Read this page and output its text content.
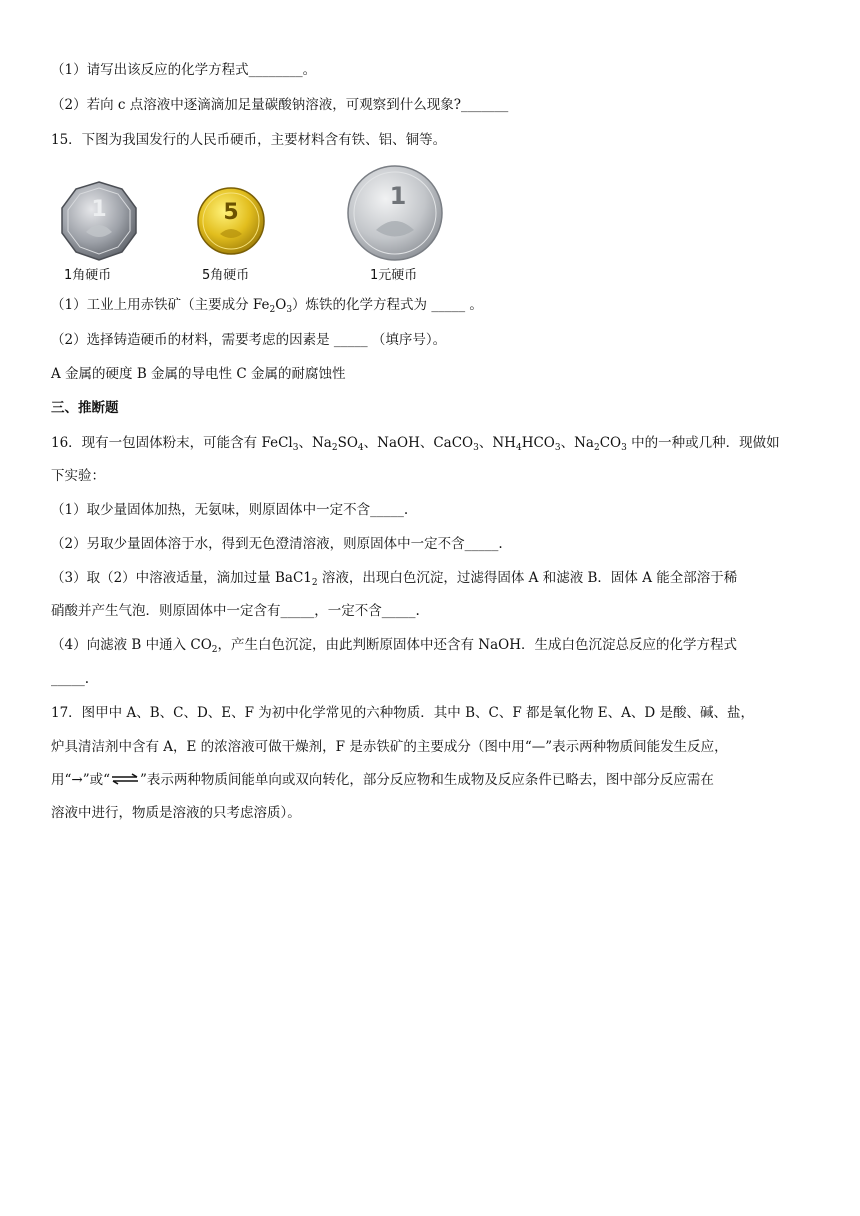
（1）请写出该反应的化学方程式________。
（2）若向 c 点溶液中逐滴滴加足量碳酸钠溶液，可观察到什么现象?_______
15．下图为我国发行的人民币硬币，主要材料含有铁、铝、铜等。
1
1角硬币
5
5角硬币
1
1元硬币
（1）工业上用赤铁矿（主要成分 $Fe_2O_3$）炼铁的化学方程式为 _____ 。
（2）选择铸造硬币的材料，需要考虑的因素是 _____ （填序号）。
A 金属的硬度 B 金属的导电性 C 金属的耐腐蚀性
三、推断题
16．现有一包固体粉末，可能含有 FeCl$_3$、$Na_2SO_4$、NaOH、CaCO$_3$、$NH_4HCO_3$、$Na_2CO_3$ 中的一种或几种．现做如
下实验：
（1）取少量固体加热，无氨味，则原固体中一定不含_____.
（2）另取少量固体溶于水，得到无色澄清溶液，则原固体中一定不含_____.
（3）取（2）中溶液适量，滴加过量 $BaC1_2$ 溶液，出现白色沉淀，过滤得固体 A 和滤液 B．固体 A 能全部溶于稀
硝酸并产生气泡．则原固体中一定含有_____，一定不含_____.
（4）向滤液 B 中通入 $CO_2$，产生白色沉淀，由此判断原固体中还含有 NaOH．生成白色沉淀总反应的化学方程式
_____.
17．图甲中 A、B、C、D、E、F 为初中化学常见的六种物质．其中 B、C、F 都是氧化物 E、A、D 是酸、碱、盐，
炉具清洁剂中含有 A，E 的浓溶液可做干燥剂，F 是赤铁矿的主要成分（图中用“—”表示两种物质间能发生反应，
用“→”或“ ”表示两种物质间能单向或双向转化，部分反应物和生成物及反应条件已略去，图中部分反应需在
溶液中进行，物质是溶液的只考虑溶质）。
